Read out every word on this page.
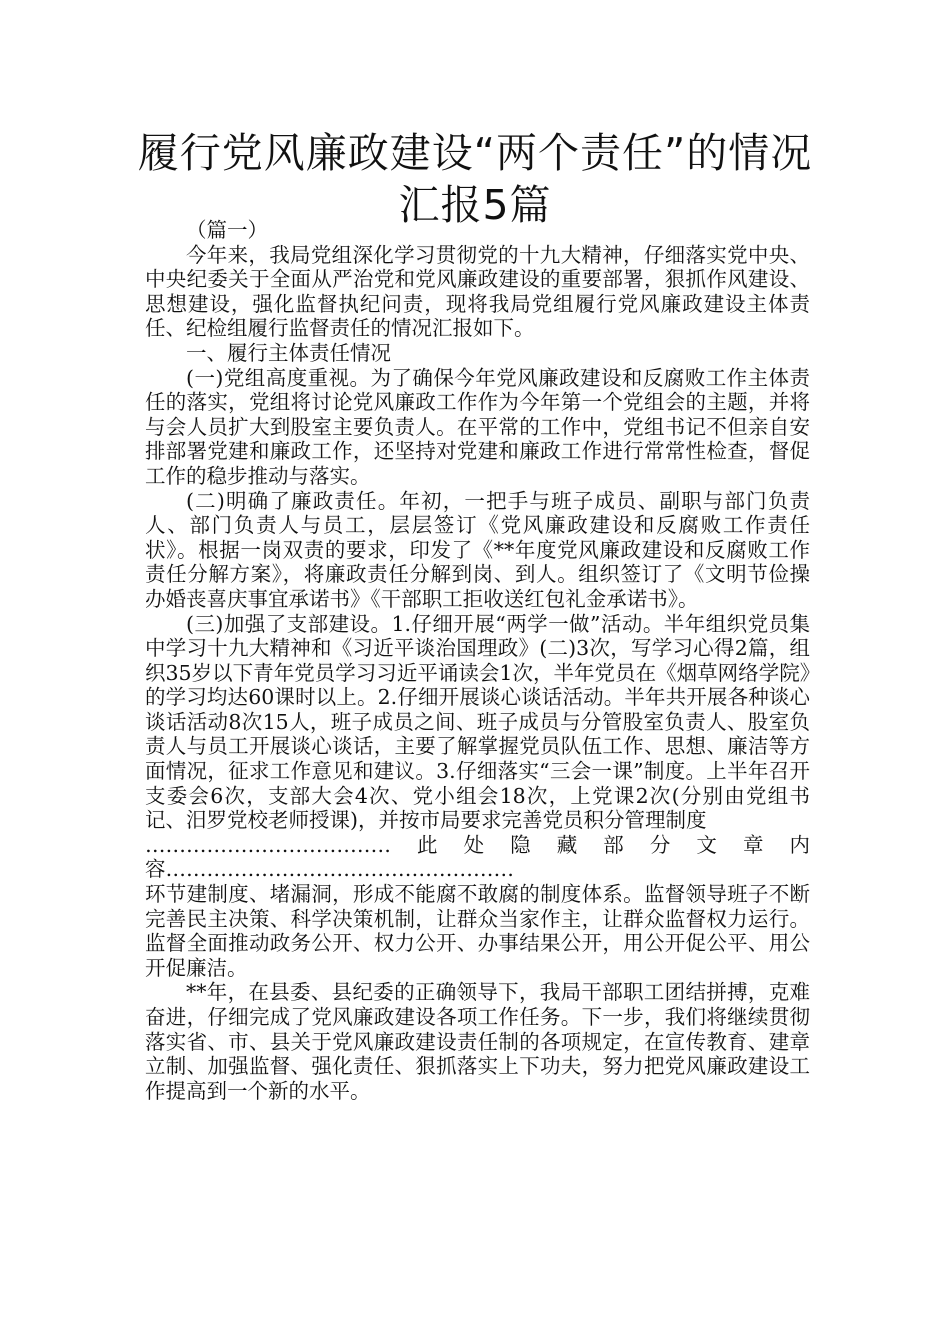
履行党风廉政建设“两个责任”的情况
汇报5篇

（篇一）

今年来，我局党组深化学习贯彻党的十九大精神，仔细落实党中央、中央纪委关于全面从严治党和党风廉政建设的重要部署，狠抓作风建设、思想建设，强化监督执纪问责，现将我局党组履行党风廉政建设主体责任、纪检组履行监督责任的情况汇报如下。

一、履行主体责任情况

(一)党组高度重视。为了确保今年党风廉政建设和反腐败工作主体责任的落实，党组将讨论党风廉政工作作为今年第一个党组会的主题，并将与会人员扩大到股室主要负责人。在平常的工作中，党组书记不但亲自安排部署党建和廉政工作，还坚持对党建和廉政工作进行常常性检查，督促工作的稳步推动与落实。

(二)明确了廉政责任。年初，一把手与班子成员、副职与部门负责人、部门负责人与员工，层层签订《党风廉政建设和反腐败工作责任状》。根据一岗双责的要求，印发了《**年度党风廉政建设和反腐败工作责任分解方案》，将廉政责任分解到岗、到人。组织签订了《文明节俭操办婚丧喜庆事宜承诺书》《干部职工拒收送红包礼金承诺书》。

(三)加强了支部建设。1.仔细开展“两学一做”活动。半年组织党员集中学习十九大精神和《习近平谈治国理政》(二)3次，写学习心得2篇，组织35岁以下青年党员学习习近平诵读会1次，半年党员在《烟草网络学院》的学习均达60课时以上。2.仔细开展谈心谈话活动。半年共开展各种谈心谈话活动8次15人，班子成员之间、班子成员与分管股室负责人、股室负责人与员工开展谈心谈话，主要了解掌握党员队伍工作、思想、廉洁等方面情况，征求工作意见和建议。3.仔细落实“三会一课”制度。上半年召开支委会6次，支部大会4次、党小组会18次，上党课2次(分别由党组书记、汨罗党校老师授课)，并按市局要求完善党员积分管理制度

………………………………此处隐藏部分文章内容……………………………………………

环节建制度、堵漏洞，形成不能腐不敢腐的制度体系。监督领导班子不断完善民主决策、科学决策机制，让群众当家作主，让群众监督权力运行。监督全面推动政务公开、权力公开、办事结果公开，用公开促公平、用公开促廉洁。

**年，在县委、县纪委的正确领导下，我局干部职工团结拼搏，克难奋进，仔细完成了党风廉政建设各项工作任务。下一步，我们将继续贯彻落实省、市、县关于党风廉政建设责任制的各项规定，在宣传教育、建章立制、加强监督、强化责任、狠抓落实上下功夫，努力把党风廉政建设工作提高到一个新的水平。
